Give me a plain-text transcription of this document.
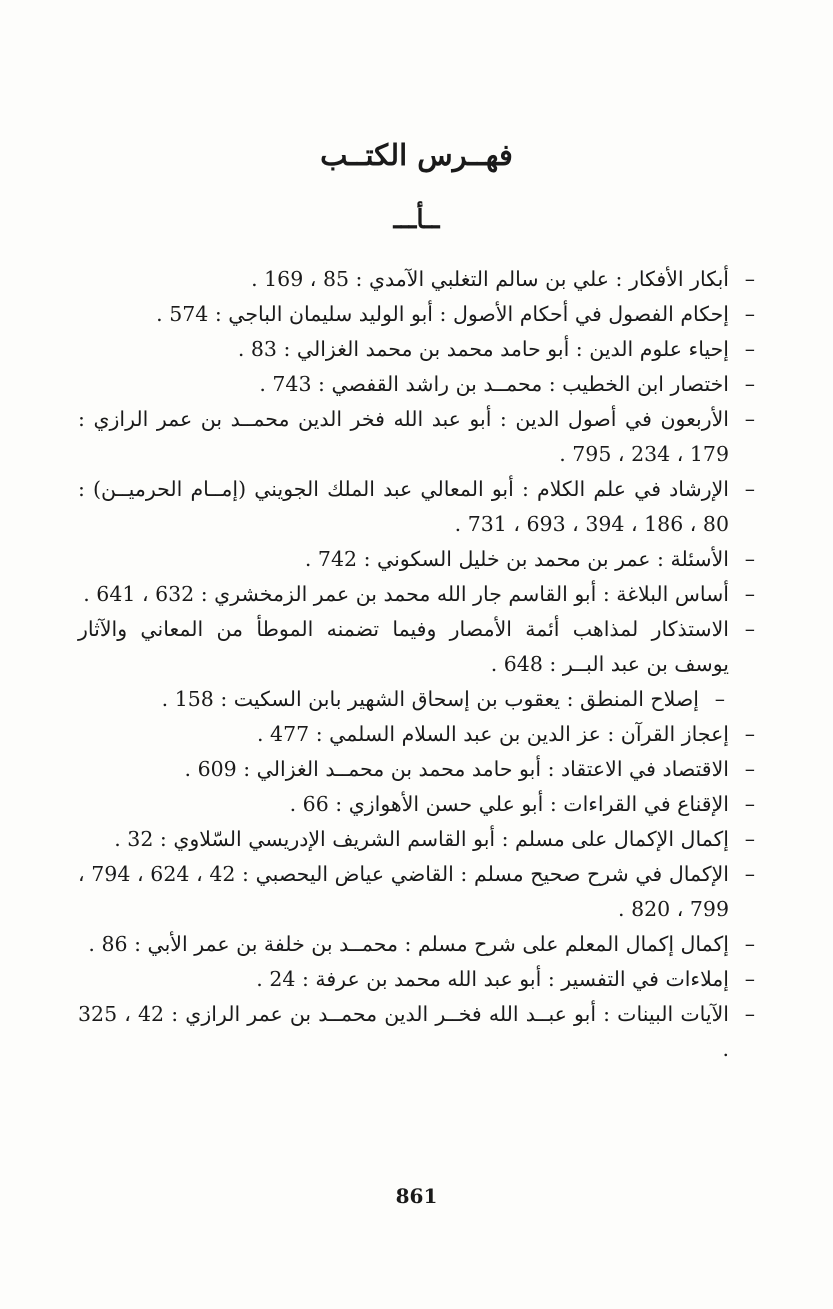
فهــرس الكتــب
ــأـــ
– أبكار الأفكار : علي بن سالم التغلبي الآمدي : 85 ، 169 .
– إحكام الفصول في أحكام الأصول : أبو الوليد سليمان الباجي : 574 .
– إحياء علوم الدين : أبو حامد محمد بن محمد الغزالي : 83 .
– اختصار ابن الخطيب : محمــد بن راشد القفصي : 743 .
– الأربعون في أصول الدين : أبو عبد الله فخر الدين محمــد بن عمر الرازي : 179 ، 234 ، 795 .
– الإرشاد في علم الكلام : أبو المعالي عبد الملك الجويني (إمــام الحرميــن) : 80 ، 186 ، 394 ، 693 ، 731 .
– الأسئلة : عمر بن محمد بن خليل السكوني : 742 .
– أساس البلاغة : أبو القاسم جار الله محمد بن عمر الزمخشري : 632 ، 641 .
– الاستذكار لمذاهب أئمة الأمصار وفيما تضمنه الموطأ من المعاني والآثار يوسف بن عبد البــر : 648 .
– إصلاح المنطق : يعقوب بن إسحاق الشهير بابن السكيت : 158 .
– إعجاز القرآن : عز الدين بن عبد السلام السلمي : 477 .
– الاقتصاد في الاعتقاد : أبو حامد محمد بن محمــد الغزالي : 609 .
– الإقناع في القراءات : أبو علي حسن الأهوازي : 66 .
– إكمال الإكمال على مسلم : أبو القاسم الشريف الإدريسي السّلاوي : 32 .
– الإكمال في شرح صحيح مسلم : القاضي عياض اليحصبي : 42 ، 624 ، 794 ، 799 ، 820 .
– إكمال إكمال المعلم على شرح مسلم : محمــد بن خلفة بن عمر الأبي : 86 .
– إملاءات في التفسير : أبو عبد الله محمد بن عرفة : 24 .
– الآيات البينات : أبو عبــد الله فخــر الدين محمــد بن عمر الرازي : 42 ، 325 .
861
